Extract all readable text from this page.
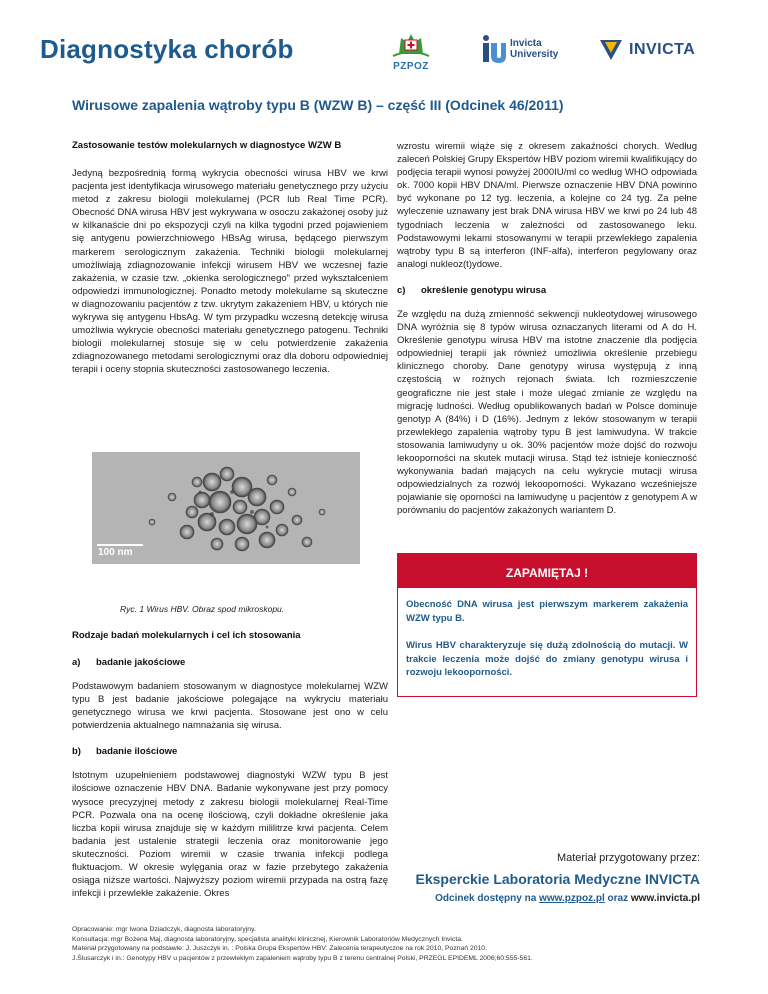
Diagnostyka chorób
PZPOZ
Invicta
University	INVICTA
Wirusowe zapalenia wątroby typu B (WZW B) – część III (Odcinek 46/2011)
Zastosowanie testów molekularnych w diagnostyce WZW B
Jedyną bezpośrednią formą wykrycia obecności wirusa HBV we krwi pacjenta jest identyfikacja wirusowego materiału genetycznego przy użyciu metod z zakresu biologii molekularnej (PCR lub Real Time PCR). Obecność DNA wirusa HBV jest wykrywana w osoczu zakażonej osoby już w kilkanaście dni po ekspozycji czyli na kilka tygodni przed pojawieniem się antygenu powierzchniowego HBsAg wirusa, będącego pierwszym markerem serologicznym zakażenia. Techniki biologii molekularnej umożliwiają zdiagnozowanie infekcji wirusem HBV we wczesnej fazie zakażenia, w czasie tzw. „okienka serologicznego" przed wykształceniem odpowiedzi immunologicznej. Ponadto metody molekularne są skuteczne w diagnozowaniu pacjentów z tzw. ukrytym zakażeniem HBV, u których nie wykrywa się antygenu HbsAg. W tym przypadku wczesną detekcję wirusa umożliwia wykrycie obecności materiału genetycznego patogenu. Techniki biologii molekularnej stosuje się w celu potwierdzenie zakażenia zdiagnozowanego metodami serologicznymi oraz dla doboru odpowiedniej terapii i oceny stopnia skuteczności zastosowanego leczenia.
100 nm
Ryc. 1 Wirus HBV. Obraz spod mikroskopu.
Rodzaje badań molekularnych i cel ich stosowania
a)	badanie jakościowe
Podstawowym badaniem stosowanym w diagnostyce molekularnej WZW typu B jest badanie jakościowe polegające na wykryciu materiału genetycznego wirusa we krwi pacjenta. Stosowane jest ono w celu potwierdzenia aktualnego namnażania się wirusa.
b)	badanie ilościowe
Istotnym uzupełnieniem podstawowej diagnostyki WZW typu B jest ilościowe oznaczenie HBV DNA. Badanie wykonywane jest przy pomocy wysoce precyzyjnej metody z zakresu biologii molekularnej Real-Time PCR. Pozwala ona na ocenę ilościową, czyli dokładne określenie jaka liczba kopii wirusa znajduje się w każdym mililitrze krwi pacjenta. Celem badania jest ustalenie strategii leczenia oraz monitorowanie jego skuteczności. Poziom wiremii w czasie trwania infekcji podlega fluktuacjom. W okresie wylęgania oraz w fazie przebytego zakażenia osiąga niższe wartości. Najwyższy poziom wiremii przypada na ostrą fazę infekcji i przewlekłe zakażenie. Okres
wzrostu wiremii wiąże się z okresem zakaźności chorych. Według zaleceń Polskiej Grupy Ekspertów HBV poziom wiremii kwalifikujący do podjęcia terapii wynosi powyżej 2000IU/ml co według WHO odpowiada ok. 7000 kopii HBV DNA/ml. Pierwsze oznaczenie HBV DNA powinno być wykonane po 12 tyg. leczenia, a kolejne co 24 tyg. Za pełne wyleczenie uznawany jest brak DNA wirusa HBV we krwi po 24 lub 48 tygodniach leczenia w zależności od zastosowanego leku. Podstawowymi lekami stosowanymi w terapii przewlekłego zapalenia wątroby typu B są interferon (INF-alfa), interferon pegylowany oraz analogi nukleoz(t)ydowe.
c)	określenie genotypu wirusa
Ze względu na dużą zmienność sekwencji nukleotydowej wirusowego DNA wyróżnia się 8 typów wirusa oznaczanych literami od A do H. Określenie genotypu wirusa HBV ma istotne znaczenie dla podjęcia odpowiedniej terapii jak również umożliwia określenie przebiegu klinicznego choroby. Dane genotypy wirusa występują z inną częstością w rożnych rejonach świata. Ich rozmieszczenie geograficzne nie jest stałe i może ulegać zmianie ze względu na migrację ludności. Według opublikowanych badań w Polsce dominuje genotyp A (84%) i D (16%). Jednym z leków stosowanym w terapii przewlekłego zapalenia wątroby typu B jest lamiwudyna. W trakcie stosowania lamiwudyny u ok. 30% pacjentów może dojść do rozwoju lekooporności na skutek mutacji wirusa. Stąd też istnieje konieczność wykonywania badań mających na celu wykrycie mutacji wirusa odpowiedzialnych za rozwój lekooporności. Wykazano wcześniejsze pojawianie się oporności na lamiwudynę u pacjentów z genotypem A w porównaniu do pacjentów zakażonych wariantem D.
ZAPAMIĘTAJ !
Obecność DNA wirusa jest pierwszym markerem zakażenia WZW typu B.
Wirus HBV charakteryzuje się dużą zdolnością do mutacji. W trakcie leczenia może dojść do zmiany genotypu wirusa i rozwoju lekooporności.
Materiał przygotowany przez:
Eksperckie Laboratoria Medyczne INVICTA
Odcinek dostępny na www.pzpoz.pl oraz www.invicta.pl
Opracowanie: mgr Iwona Dziadczyk, diagnosta laboratoryjny.
Konsultacja: mgr Bożena Maj, diagnosta laboratoryjny, specjalista analityki klinicznej, Kierownik Laboratoriów Medycznych Invicta.
Materiał przygotowany na podstawie: J. Juszczyk in. : Polska Grupa Ekspertów HBV: Zalecenia terapeutyczne na rok 2010, Poznań 2010.
J.Ślusarczyk i in.: Genotypy HBV u pacjentów z przewlekłym zapaleniem wątroby typu B z terenu centralnej Polski, PRZEGL EPIDEML 2006;60:555-561.
